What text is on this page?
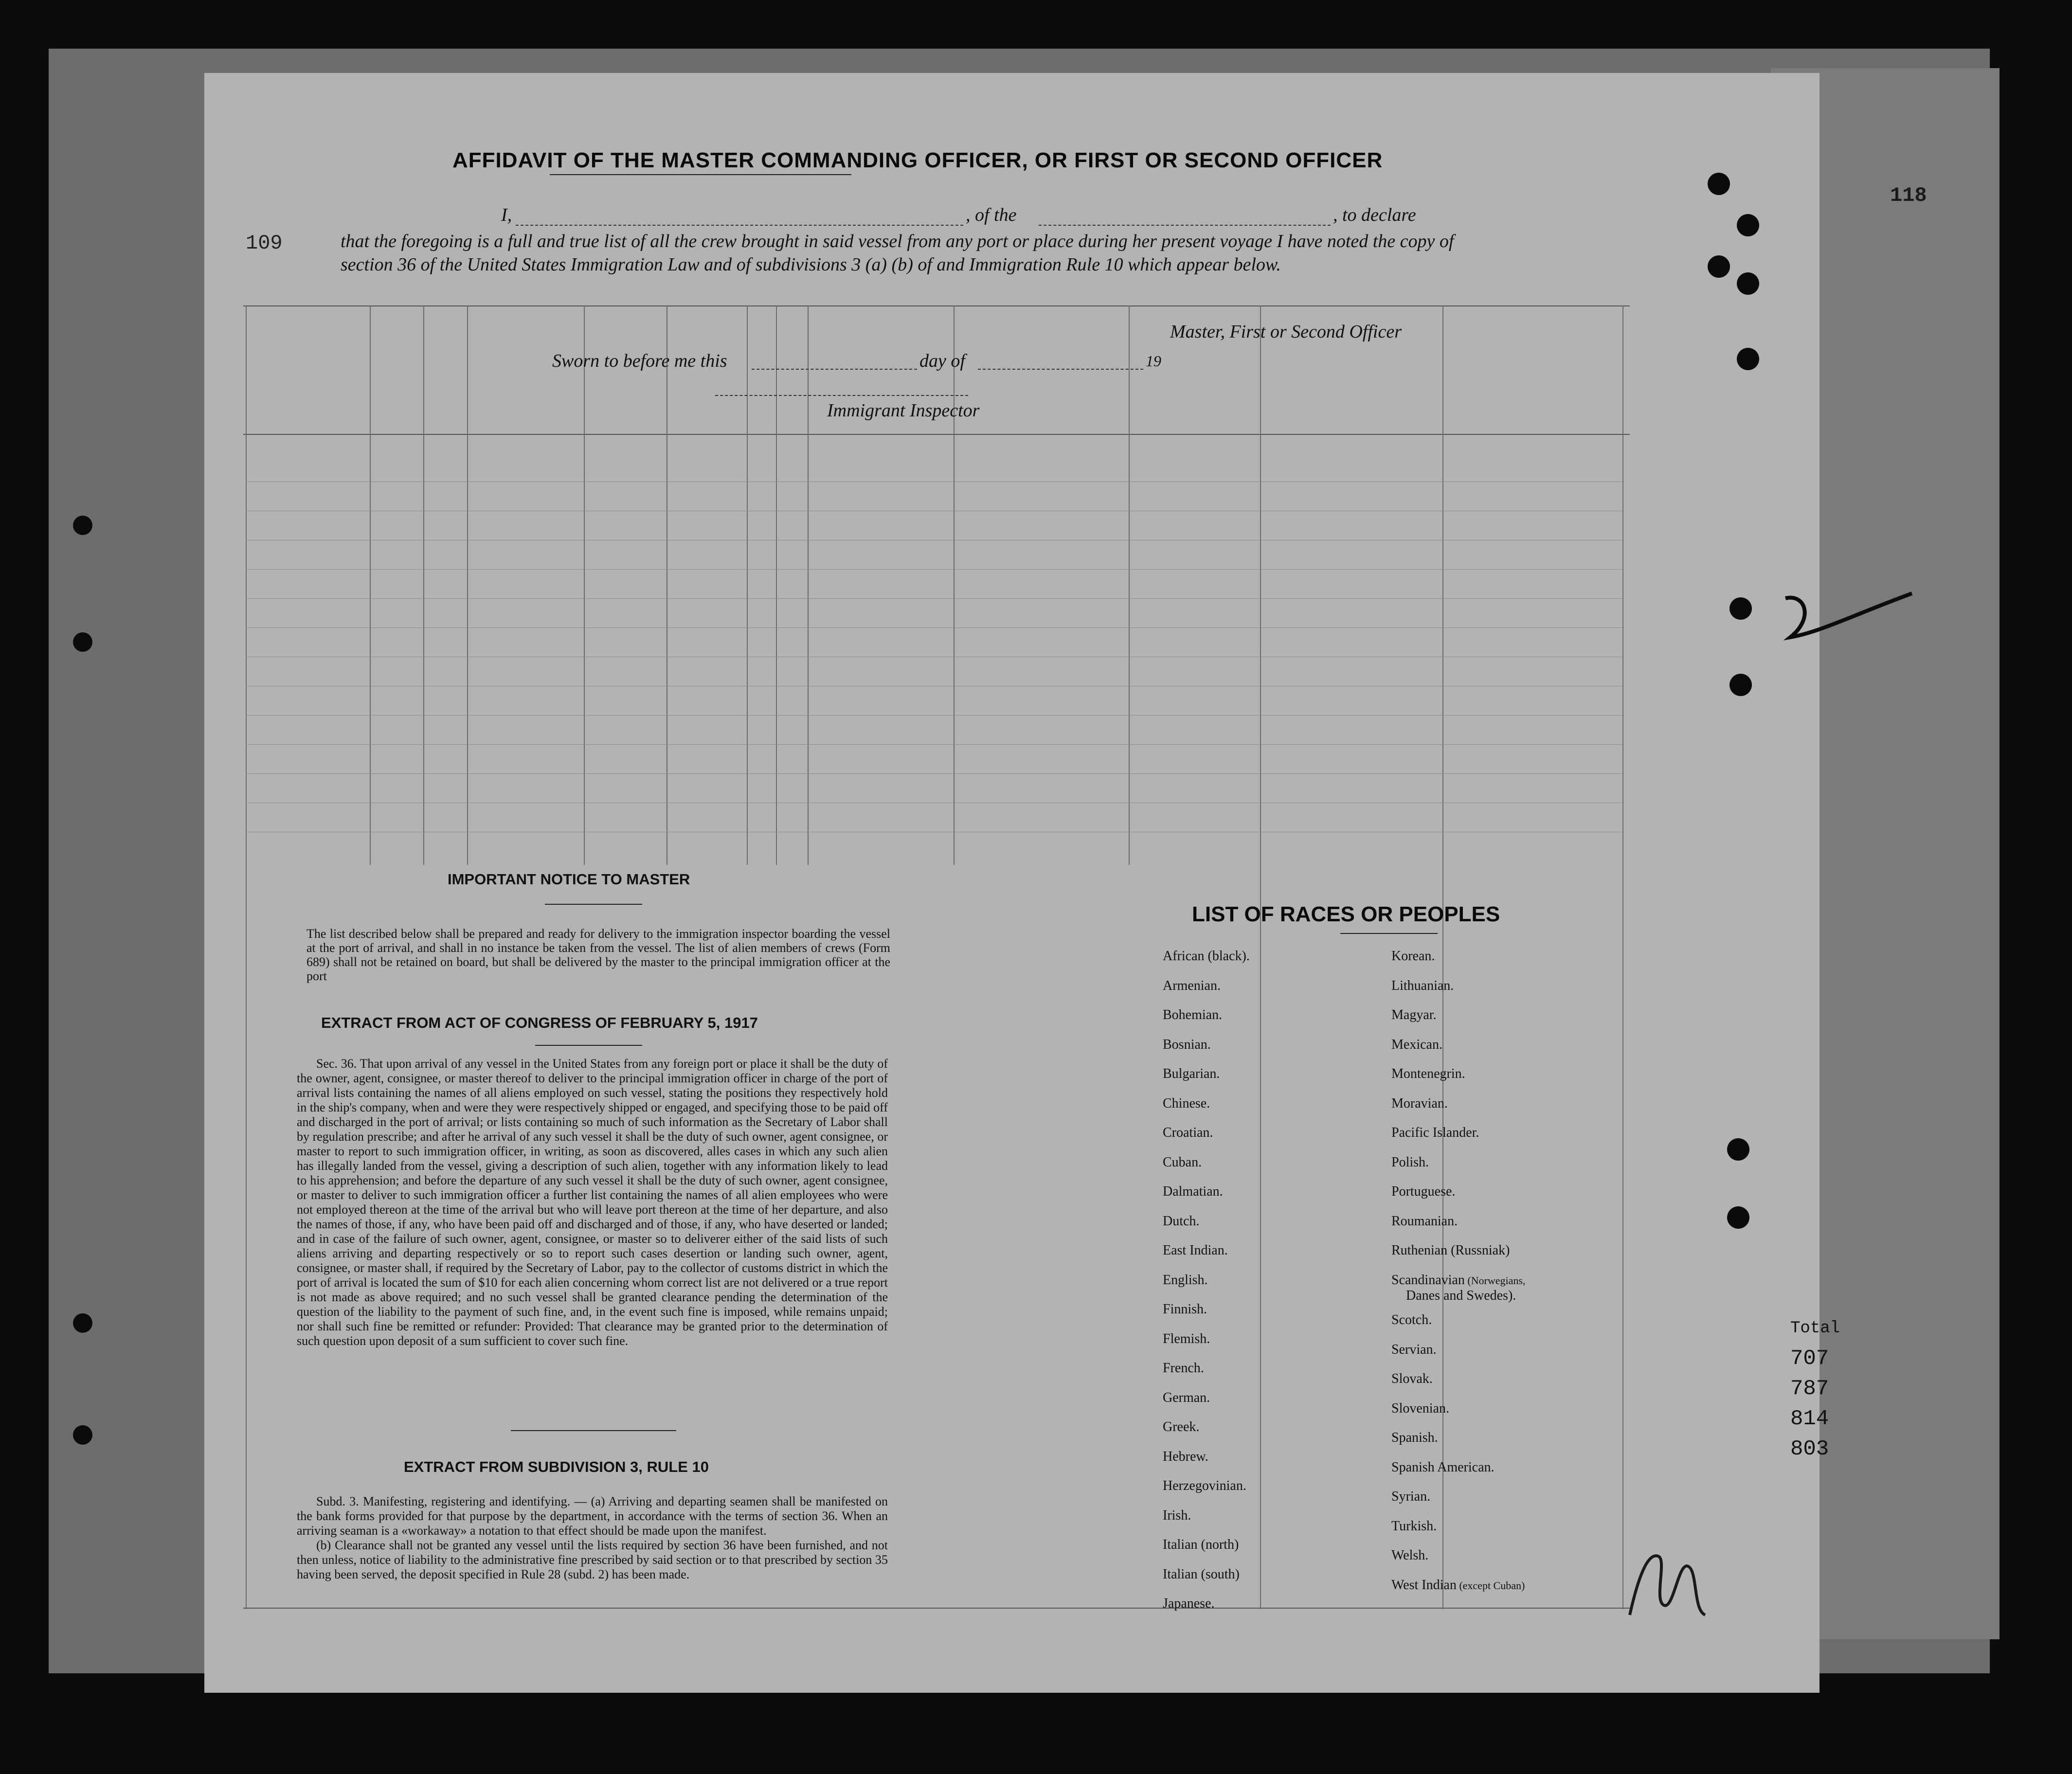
118
109
AFFIDAVIT OF THE MASTER COMMANDING OFFICER, OR FIRST OR SECOND OFFICER
I,	, of the	, to declare
that the foregoing is a full and true list of all the crew brought in said vessel from any port or place during her present voyage I have noted the copy of section 36 of the United States Immigration Law and of subdivisions 3 (a) (b) of and Immigration Rule 10 which appear below.
Master, First or Second Officer
Sworn to before me this	day of	19
Immigrant Inspector
IMPORTANT NOTICE TO MASTER
The list described below shall be prepared and ready for delivery to the immigration inspector boarding the vessel at the port of arrival, and shall in no instance be taken from the vessel. The list of alien members of crews (Form 689) shall not be retained on board, but shall be delivered by the master to the principal immigration officer at the port
EXTRACT FROM ACT OF CONGRESS OF FEBRUARY 5, 1917
Sec. 36. That upon arrival of any vessel in the United States from any foreign port or place it shall be the duty of the owner, agent, consignee, or master thereof to deliver to the principal immigration officer in charge of the port of arrival lists containing the names of all aliens employed on such vessel, stating the positions they respectively hold in the ship's company, when and were they were respectively shipped or engaged, and specifying those to be paid off and discharged in the port of arrival; or lists containing so much of such information as the Secretary of Labor shall by regulation prescribe; and after he arrival of any such vessel it shall be the duty of such owner, agent consignee, or master to report to such immigration officer, in writing, as soon as discovered, alles cases in which any such alien has illegally landed from the vessel, giving a description of such alien, together with any information likely to lead to his apprehension; and before the departure of any such vessel it shall be the duty of such owner, agent consignee, or master to deliver to such immigration officer a further list containing the names of all alien employees who were not employed thereon at the time of the arrival but who will leave port thereon at the time of her departure, and also the names of those, if any, who have been paid off and discharged and of those, if any, who have deserted or landed; and in case of the failure of such owner, agent, consignee, or master so to deliverer either of the said lists of such aliens arriving and departing respectively or so to report such cases desertion or landing such owner, agent, consignee, or master shall, if required by the Secretary of Labor, pay to the collector of customs district in which the port of arrival is located the sum of $10 for each alien concerning whom correct list are not delivered or a true report is not made as above required; and no such vessel shall be granted clearance pending the determination of the question of the liability to the payment of such fine, and, in the event such fine is imposed, while remains unpaid; nor shall such fine be remitted or refunder: Provided: That clearance may be granted prior to the determination of such question upon deposit of a sum sufficient to cover such fine.
EXTRACT FROM SUBDIVISION 3, RULE 10
Subd. 3. Manifesting, registering and identifying. — (a) Arriving and departing seamen shall be manifested on the bank forms provided for that purpose by the department, in accordance with the terms of section 36. When an arriving seaman is a «workaway» a notation to that effect should be made upon the manifest.
(b) Clearance shall not be granted any vessel until the lists required by section 36 have been furnished, and not then unless, notice of liability to the administrative fine prescribed by said section or to that prescribed by section 35 having been served, the deposit specified in Rule 28 (subd. 2) has been made.
LIST OF RACES OR PEOPLES
African (black).
Armenian.
Bohemian.
Bosnian.
Bulgarian.
Chinese.
Croatian.
Cuban.
Dalmatian.
Dutch.
East Indian.
English.
Finnish.
Flemish.
French.
German.
Greek.
Hebrew.
Herzegovinian.
Irish.
Italian (north)
Italian (south)
Japanese.
Korean.
Lithuanian.
Magyar.
Mexican.
Montenegrin.
Moravian.
Pacific Islander.
Polish.
Portuguese.
Roumanian.
Ruthenian (Russniak)
Scandinavian (Norwegians,
Danes and Swedes).
Scotch.
Servian.
Slovak.
Slovenian.
Spanish.
Spanish American.
Syrian.
Turkish.
Welsh.
West Indian (except Cuban)
Total
707
787
814
803
